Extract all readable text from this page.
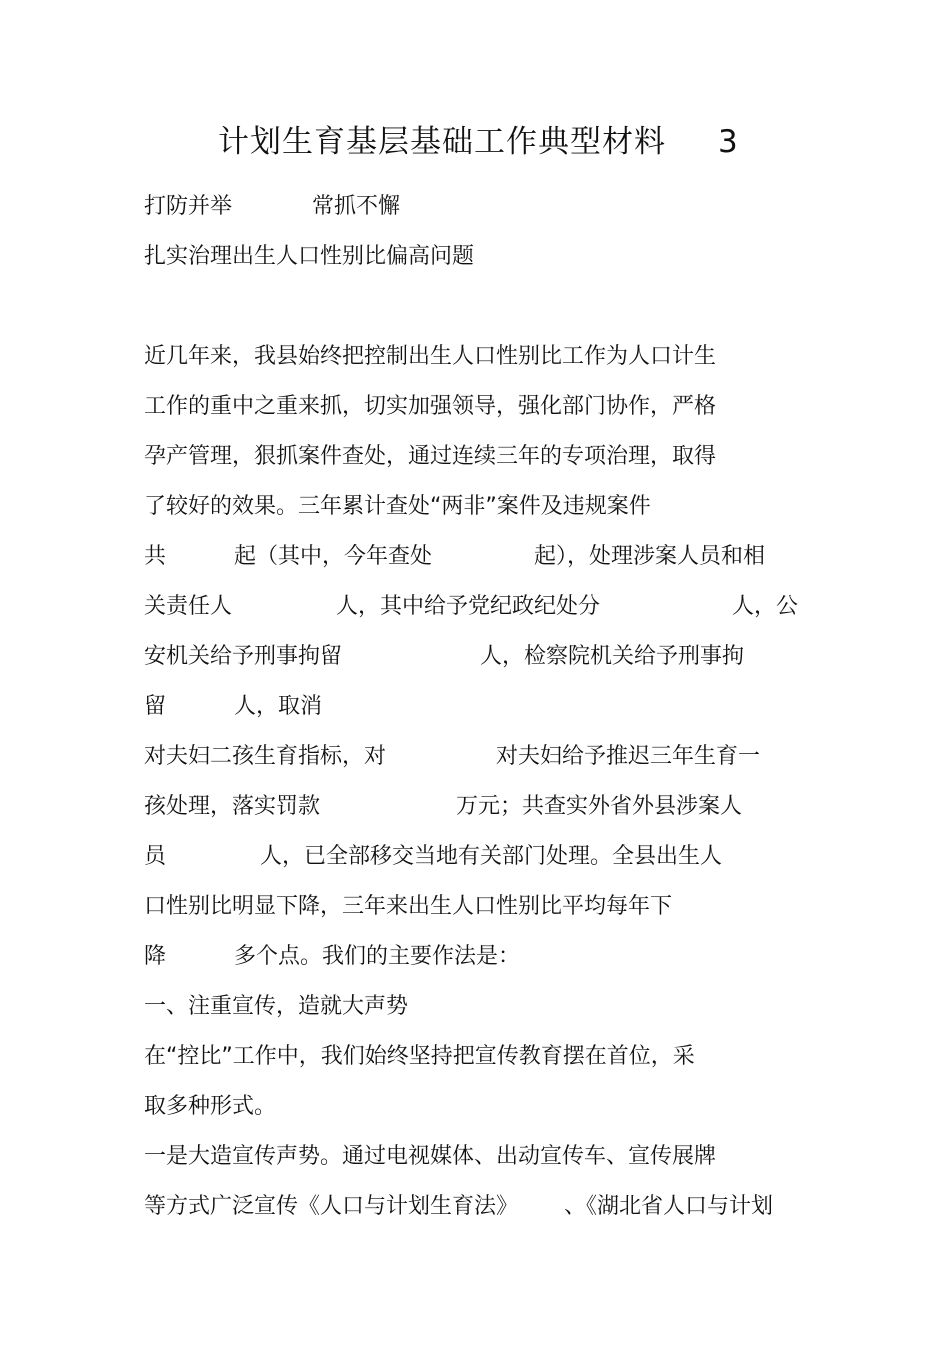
计划生育基层基础工作典型材料 3
打防并举	常抓不懈
扎实治理出生人口性别比偏高问题
近几年来，我县始终把控制出生人口性别比工作为人口计生
工作的重中之重来抓，切实加强领导，强化部门协作，严格
孕产管理，狠抓案件查处，通过连续三年的专项治理，取得
了较好的效果。三年累计查处“两非”案件及违规案件
共	起（其中，今年查处	起），处理涉案人员和相
关责任人	人，其中给予党纪政纪处分	人，公
安机关给予刑事拘留	人，检察院机关给予刑事拘
留	人，取消
对夫妇二孩生育指标，对	对夫妇给予推迟三年生育一
孩处理，落实罚款	万元；共查实外省外县涉案人
员	人，已全部移交当地有关部门处理。全县出生人
口性别比明显下降，三年来出生人口性别比平均每年下
降	多个点。我们的主要作法是：
一、注重宣传，造就大声势
在“控比”工作中，我们始终坚持把宣传教育摆在首位，采
取多种形式。
一是大造宣传声势。通过电视媒体、出动宣传车、宣传展牌
等方式广泛宣传《人口与计划生育法》 、《湖北省人口与计划
